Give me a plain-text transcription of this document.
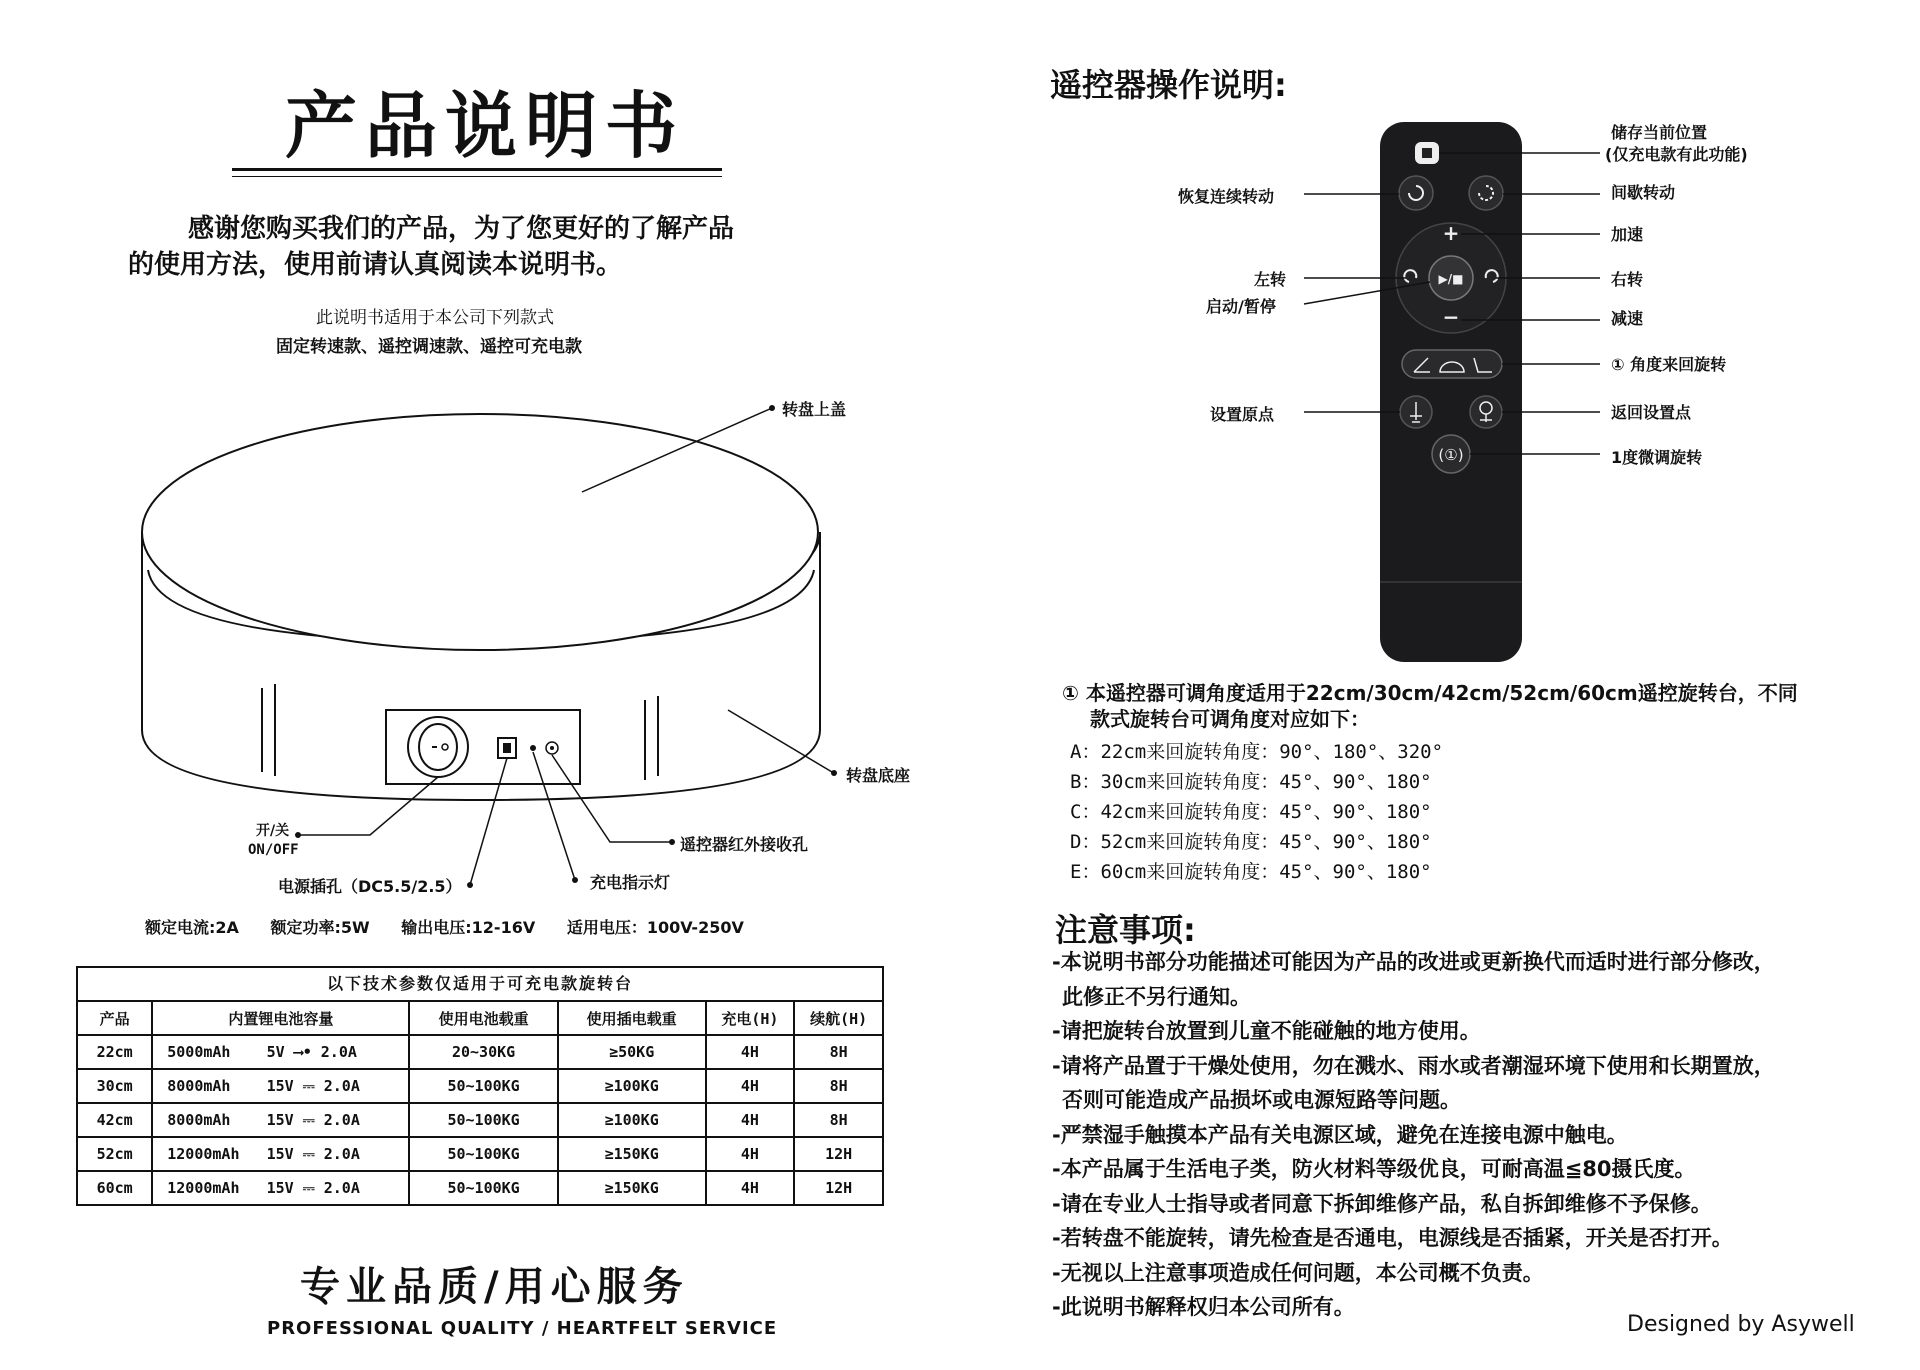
产品说明书
感谢您购买我们的产品，为了您更好的了解产品
的使用方法，使用前请认真阅读本说明书。
此说明书适用于本公司下列款式
固定转速款、遥控调速款、遥控可充电款
转盘上盖
转盘底座
开/关
ON/OFF	遥控器红外接收孔
电源插孔（DC5.5/2.5）	充电指示灯
额定电流:2A 额定功率:5W 输出电压:12-16V 适用电压：100V-250V
以下技术参数仅适用于可充电款旋转台
产品	内置锂电池容量	使用电池载重	使用插电载重	充电(H)	续航(H)
22cm	5000mAh 5V ⟶• 2.0A	20~30KG	≥50KG	4H	8H
30cm	8000mAh 15V ⎓ 2.0A	50~100KG	≥100KG	4H	8H
42cm	8000mAh 15V ⎓ 2.0A	50~100KG	≥100KG	4H	8H
52cm	12000mAh 15V ⎓ 2.0A	50~100KG	≥150KG	4H	12H
60cm	12000mAh 15V ⎓ 2.0A	50~100KG	≥150KG	4H	12H
专业品质/用心服务
PROFESSIONAL QUALITY / HEARTFELT SERVICE
遥控器操作说明:
▶/■
+
−
(①)
储存当前位置
(仅充电款有此功能)
恢复连续转动	间歇转动
加速
左转
启动/暂停
右转
减速
① 角度来回旋转
设置原点	返回设置点
1度微调旋转
① 本遥控器可调角度适用于22cm/30cm/42cm/52cm/60cm遥控旋转台，不同
款式旋转台可调角度对应如下：
A：22cm来回旋转角度：90°、180°、320°
B：30cm来回旋转角度：45°、90°、180°
C：42cm来回旋转角度：45°、90°、180°
D：52cm来回旋转角度：45°、90°、180°
E：60cm来回旋转角度：45°、90°、180°
注意事项:
-本说明书部分功能描述可能因为产品的改进或更新换代而适时进行部分修改，
此修正不另行通知。
-请把旋转台放置到儿童不能碰触的地方使用。
-请将产品置于干燥处使用，勿在溅水、雨水或者潮湿环境下使用和长期置放，
否则可能造成产品损坏或电源短路等问题。
-严禁湿手触摸本产品有关电源区域，避免在连接电源中触电。
-本产品属于生活电子类，防火材料等级优良，可耐高温≦80摄氏度。
-请在专业人士指导或者同意下拆卸维修产品，私自拆卸维修不予保修。
-若转盘不能旋转，请先检查是否通电，电源线是否插紧，开关是否打开。
-无视以上注意事项造成任何问题，本公司概不负责。
-此说明书解释权归本公司所有。
Designed by Asywell
